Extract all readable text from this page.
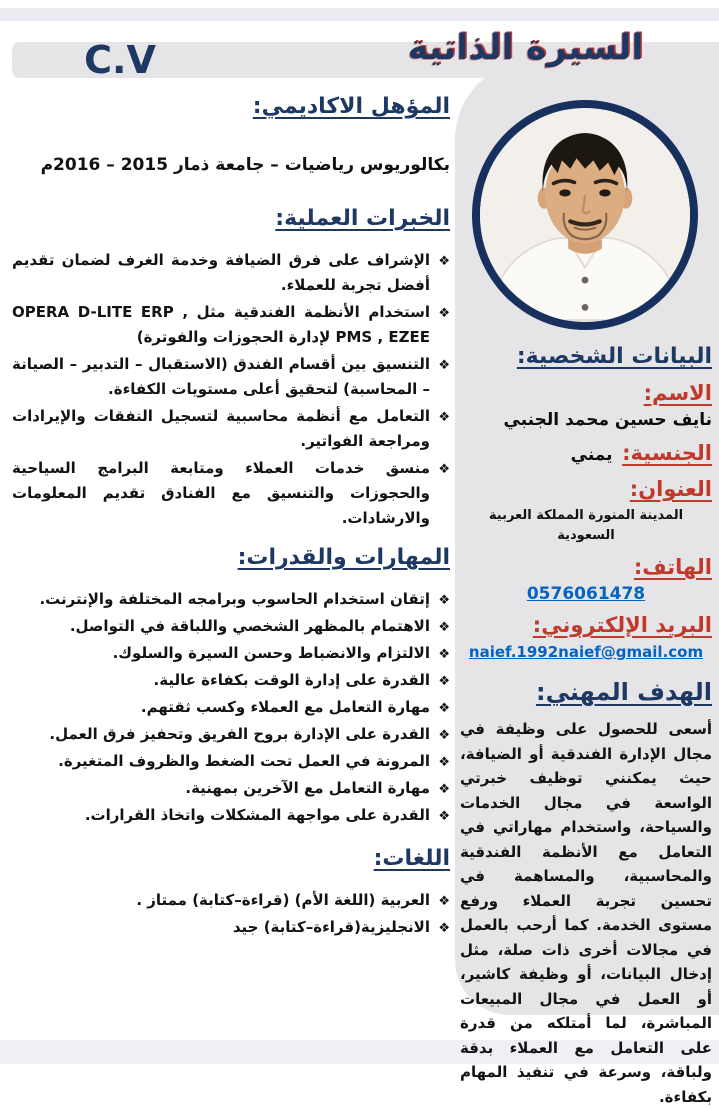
السيرة الذاتية
C.V
المؤهل الاكاديمي:
بكالوريوس رياضيات – جامعة ذمار 2015 – 2016م
الخبرات العملية:
❖
الإشراف على فرق الضيافة وخدمة الغرف لضمان تقديم أفضل تجربة للعملاء.
❖
استخدام الأنظمة الفندقية مثل OPERA D-LITE ERP , PMS , EZEE لإدارة الحجوزات والفوترة)
❖
التنسيق بين أقسام الفندق (الاستقبال – التدبير – الصيانة – المحاسبة) لتحقيق أعلى مستويات الكفاءة.
❖
التعامل مع أنظمة محاسبية لتسجيل النفقات والإيرادات ومراجعة الفواتير.
❖
منسق خدمات العملاء ومتابعة البرامج السياحية والحجوزات والتنسيق مع الفنادق تقديم المعلومات والارشادات.
المهارات والقدرات:
❖
إتقان استخدام الحاسوب وبرامجه المختلفة والإنترنت.
❖
الاهتمام بالمظهر الشخصي واللباقة في التواصل.
❖
الالتزام والانضباط وحسن السيرة والسلوك.
❖
القدرة على إدارة الوقت بكفاءة عالية.
❖
مهارة التعامل مع العملاء وكسب ثقتهم.
❖
القدرة على الإدارة بروح الفريق وتحفيز فرق العمل.
❖
المرونة في العمل تحت الضغط والظروف المتغيرة.
❖
مهارة التعامل مع الآخرين بمهنية.
❖
القدرة على مواجهة المشكلات واتخاذ القرارات.
اللغات:
❖
العربية (اللغة الأم) (قراءة–كتابة) ممتاز .
❖
الانجليزية(قراءة–كتابة) جيد
البيانات الشخصية:
الاسم:
نايف حسين محمد الجنبي
الجنسية: يمني
العنوان:
المدينة المنورة المملكة العربية السعودية
الهاتف:
0576061478
البريد الإلكتروني:
naief.1992naief@gmail.com
الهدف المهني:
أسعى للحصول على وظيفة في مجال الإدارة الفندقية أو الضيافة، حيث يمكنني توظيف خبرتي الواسعة في مجال الخدمات والسياحة، واستخدام مهاراتي في التعامل مع الأنظمة الفندقية والمحاسبية، والمساهمة في تحسين تجربة العملاء ورفع مستوى الخدمة. كما أرحب بالعمل في مجالات أخرى ذات صلة، مثل إدخال البيانات، أو وظيفة كاشير، أو العمل في مجال المبيعات المباشرة، لما أمتلكه من قدرة على التعامل مع العملاء بدقة ولباقة، وسرعة في تنفيذ المهام بكفاءة.
